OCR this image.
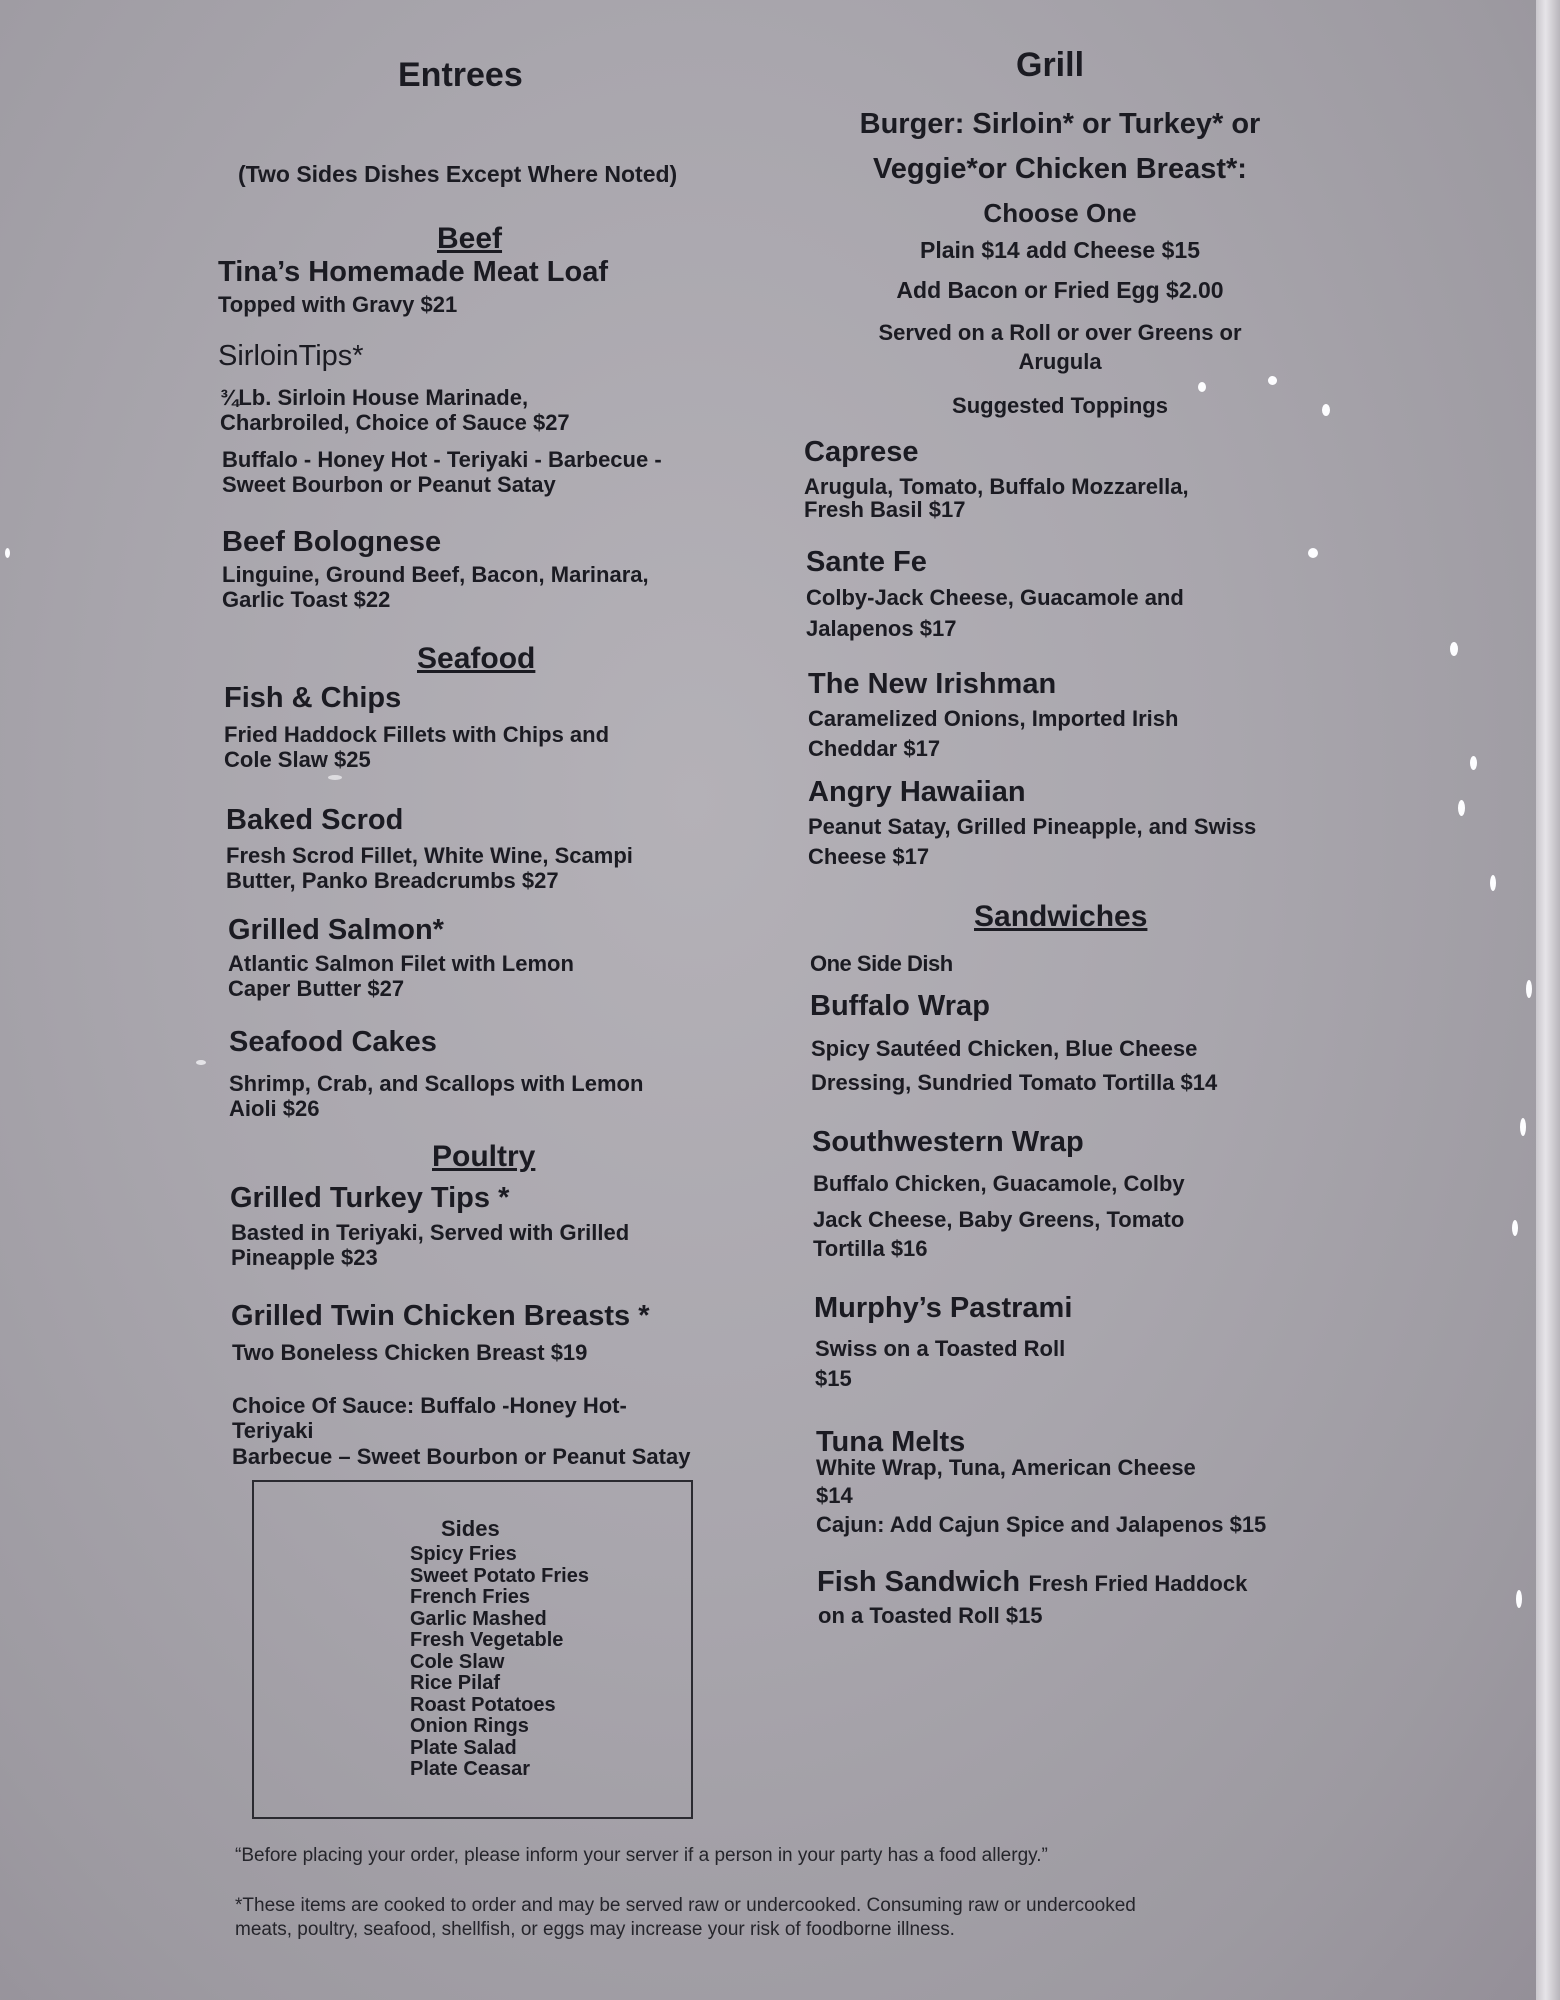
Entrees
(Two Sides Dishes Except Where Noted)
Beef
Tina’s Homemade Meat Loaf
Topped with Gravy $21
SirloinTips*
¾Lb. Sirloin House Marinade,
Charbroiled, Choice of Sauce $27
Buffalo - Honey Hot - Teriyaki - Barbecue -
Sweet Bourbon or Peanut Satay
Beef Bolognese
Linguine, Ground Beef, Bacon, Marinara,
Garlic Toast $22
Seafood
Fish & Chips
Fried Haddock Fillets with Chips and
Cole Slaw $25
Baked Scrod
Fresh Scrod Fillet, White Wine, Scampi
Butter, Panko Breadcrumbs $27
Grilled Salmon*
Atlantic Salmon Filet with Lemon
Caper Butter $27
Seafood Cakes
Shrimp, Crab, and Scallops with Lemon
Aioli $26
Poultry
Grilled Turkey Tips *
Basted in Teriyaki, Served with Grilled
Pineapple $23
Grilled Twin Chicken Breasts *
Two Boneless Chicken Breast $19
Choice Of Sauce: Buffalo -Honey Hot-
Teriyaki
Barbecue – Sweet Bourbon or Peanut Satay
Sides
Spicy Fries
Sweet Potato Fries
French Fries
Garlic Mashed
Fresh Vegetable
Cole Slaw
Rice Pilaf
Roast Potatoes
Onion Rings
Plate Salad
Plate Ceasar
Grill
Burger: Sirloin* or Turkey* or
Veggie*or Chicken Breast*:
Choose One
Plain $14 add Cheese $15
Add Bacon or Fried Egg $2.00
Served on a Roll or over Greens or
Arugula
Suggested Toppings
Caprese
Arugula, Tomato, Buffalo Mozzarella,
Fresh Basil $17
Sante Fe
Colby-Jack Cheese, Guacamole and
Jalapenos $17
The New Irishman
Caramelized Onions, Imported Irish
Cheddar $17
Angry Hawaiian
Peanut Satay, Grilled Pineapple, and Swiss
Cheese $17
Sandwiches
One Side Dish
Buffalo Wrap
Spicy Sautéed Chicken, Blue Cheese
Dressing, Sundried Tomato Tortilla $14
Southwestern Wrap
Buffalo Chicken, Guacamole, Colby
Jack Cheese, Baby Greens, Tomato
Tortilla $16
Murphy’s Pastrami
Swiss on a Toasted Roll
$15
Tuna Melts
White Wrap, Tuna, American Cheese
$14
Cajun: Add Cajun Spice and Jalapenos $15
Fish Sandwich Fresh Fried Haddock
on a Toasted Roll $15
“Before placing your order, please inform your server if a person in your party has a food allergy.”
*These items are cooked to order and may be served raw or undercooked. Consuming raw or undercooked
meats, poultry, seafood, shellfish, or eggs may increase your risk of foodborne illness.
